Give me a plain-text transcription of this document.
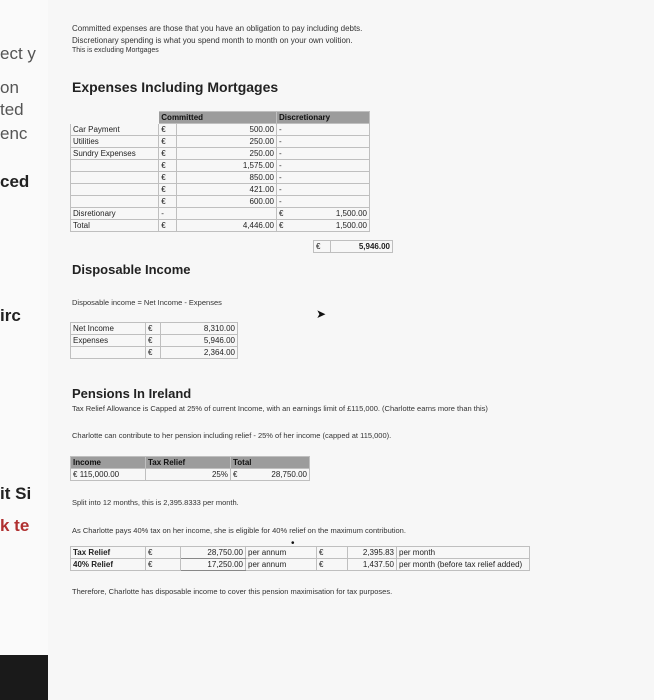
ect y
on
ted
enc
ced
irc
it Si
k te
Committed expenses are those that you have an obligation to pay including debts.
Discretionary spending is what you spend month to month on your own volition.
This is excluding Mortgages
Expenses Including Mortgages
	Committed		Discretionary
Car Payment	€	500.00	-
Utilities	€	250.00	-
Sundry Expenses	€	250.00	-
	€	1,575.00	-
	€	850.00	-
	€	421.00	-
	€	600.00	-
Disretionary	-		€ 1,500.00

Total	€	4,446.00	€ 1,500.00
€	5,946.00
Disposable Income
Disposable income = Net Income - Expenses
➤
Net Income	€	8,310.00
Expenses	€	5,946.00
	€	2,364.00
Pensions In Ireland
Tax Relief Allowance is Capped at 25% of current Income, with an earnings limit of £115,000. (Charlotte earns more than this)
Charlotte can contribute to her pension including relief - 25% of her income (capped at 115,000).
Income	Tax Relief	Total
€ 115,000.00	25%	€ 28,750.00
Split into 12 months, this is 2,395.8333 per month.
As Charlotte pays 40% tax on her income, she is eligible for 40% relief on the maximum contribution.
•
Tax Relief	€	28,750.00	per annum	€	2,395.83	per month
40% Relief	€	17,250.00	per annum	€	1,437.50	per month (before tax relief added)
Therefore, Charlotte has disposable income to cover this pension maximisation for tax purposes.
